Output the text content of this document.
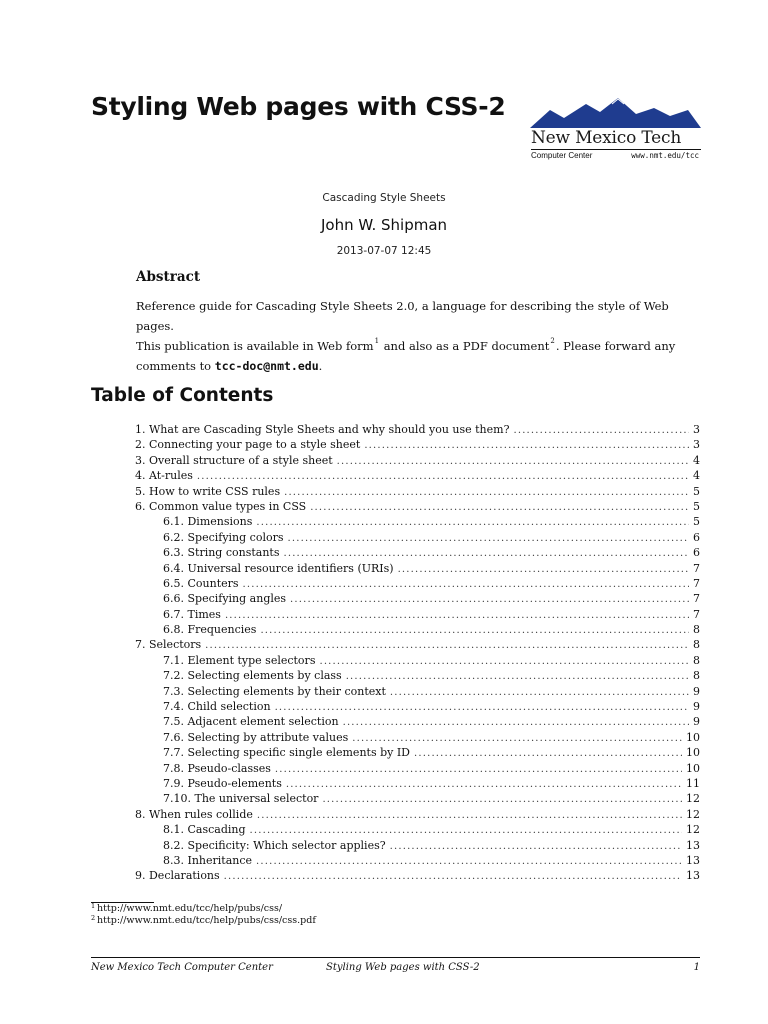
Styling Web pages with CSS-2
New Mexico Tech
Computer Center	www.nmt.edu/tcc
Cascading Style Sheets
John W. Shipman
2013-07-07 12:45
Abstract

Reference guide for Cascading Style Sheets 2.0, a language for describing the style of Web pages.

This publication is available in Web form$^1$ and also as a PDF document$^2$. Please forward any

comments to tcc-doc@nmt.edu.

Table of Contents
1. What are Cascading Style Sheets and why should you use them? . . .	3
2. Connecting your page to a style sheet . . .	3
3. Overall structure of a style sheet . . .	4
4. At-rules . . .	4
5. How to write CSS rules . . .	5
6. Common value types in CSS . . .	5
6.1. Dimensions . . .	5
6.2. Specifying colors . . .	6
6.3. String constants . . .	6
6.4. Universal resource identifiers (URIs) . . .	7
6.5. Counters . . .	7
6.6. Specifying angles . . .	7
6.7. Times . . .	7
6.8. Frequencies . . .	8
7. Selectors . . .	8
7.1. Element type selectors . . .	8
7.2. Selecting elements by class . . .	8
7.3. Selecting elements by their context . . .	9
7.4. Child selection . . .	9
7.5. Adjacent element selection . . .	9
7.6. Selecting by attribute values . . .	10
7.7. Selecting specific single elements by ID . . .	10
7.8. Pseudo-classes . . .	10
7.9. Pseudo-elements . . .	11
7.10. The universal selector . . .	12
8. When rules collide . . .	12
8.1. Cascading . . .	12
8.2. Specificity: Which selector applies? . . .	13
8.3. Inheritance . . .	13
9. Declarations . . .	13
1 http://www.nmt.edu/tcc/help/pubs/css/
2 http://www.nmt.edu/tcc/help/pubs/css/css.pdf
New Mexico Tech Computer Center	Styling Web pages with CSS-2	1
